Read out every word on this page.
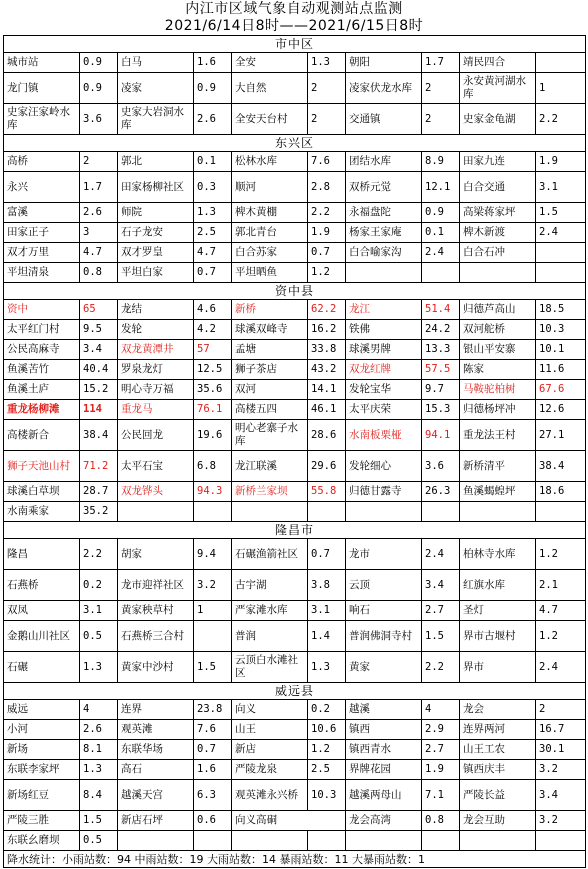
内江市区域气象自动观测站点监测
2021/6/14日8时——2021/6/15日8时
市中区									
城市站	0.9	白马	1.6	全安	1.3	朝阳	1.7	靖民四合	
龙门镇	0.9	凌家	0.9	大自然	2	凌家伏龙水库	2	永安黄河湖水库	1
史家汪家岭水库	3.6	史家大岩洞水库	2.6	全安天台村	2	交通镇	2	史家金龟湖	2.2
东兴区									
高桥	2	郭北	0.1	松林水库	7.6	团结水库	8.9	田家九连	1.9
永兴	1.7	田家杨柳社区	0.3	顺河	2.8	双桥元觉	12.1	白合交通	3.1
富溪	2.6	师院	1.3	椑木黄棚	2.2	永福盘陀	0.9	高梁蒋家坪	1.5
田家正子	3	石子龙安	2.5	郭北青台	1.9	杨家王家庵	0.1	椑木新渡	2.4
双才万里	4.7	双才罗皇	4.7	白合苏家	0.7	白合喻家沟	2.4	白合石冲	
平坦清泉	0.8	平坦白家	0.7	平坦晒鱼	1.2				
资中县									
资中	65	龙结	4.6	新桥	62.2	龙江	51.4	归德芦高山	18.5
太平红门村	9.5	发轮	4.2	球溪双峰寺	16.2	铁佛	24.2	双河舵桥	10.3
公民高麻寺	3.4	双龙黄潭井	57	孟塘	33.8	球溪男牌	13.3	银山平安寨	10.1
鱼溪苦竹	40.4	罗泉龙灯	12.5	狮子茶店	43.2	双龙红牌	57.5	陈家	11.6
鱼溪土庐	15.2	明心寺万福	35.6	双河	14.1	发轮宝华	9.7	马鞍驼柏树	67.6
重龙杨柳滩	114	重龙马	76.1	高楼五四	46.1	太平庆荣	15.3	归德杨坪冲	12.6
高楼新合	38.4	公民回龙	19.6	明心老寨子水库	28.6	水南板栗桠	94.1	重龙法王村	27.1
狮子天池山村	71.2	太平石宝	6.8	龙江联溪	29.6	发轮细心	3.6	新桥清平	38.4
球溪白草坝	28.7	双龙铧头	94.3	新桥兰家坝	55.8	归德甘露寺	26.3	鱼溪蝎蝗坪	18.6
水南乘家	35.2								
隆昌市									
隆昌	2.2	胡家	9.4	石碾渔箭社区	0.7	龙市	2.4	柏林寺水库	1.2
石燕桥	0.2	龙市迎祥社区	3.2	古宇湖	3.8	云顶	3.4	红旗水库	2.1
双凤	3.1	黄家秧草村	1	严家滩水库	3.1	响石	2.7	圣灯	4.7
金鹅山川社区	0.5	石燕桥三合村		普润	1.4	普润佛洞寺村	1.5	界市古堰村	1.2
石碾	1.3	黄家中沙村	1.5	云顶白水滩社区	1.3	黄家	2.2	界市	2.4
威远县									
威远	4	连界	23.8	向义	0.2	越溪	4	龙会	2
小河	2.6	观英滩	7.6	山王	10.6	镇西	2.9	连界两河	16.7
新场	8.1	东联华场	0.7	新店	1.2	镇西青水	2.7	山王工农	30.1
东联李家坪	1.3	高石	1.6	严陵龙泉	2.5	界牌花园	1.9	镇西庆丰	3.2
新场红豆	8.4	越溪天宫	6.3	观英滩永兴桥	10.3	越溪两母山	7.1	严陵长益	3.4
严陵三胜	1.5	新店石坪	0.6	向义高硐		龙会高湾	0.8	龙会互助	3.2
东联幺磨坝	0.5								
降水统计：小雨站数：94 中雨站数：19 大雨站数：14 暴雨站数：11 大暴雨站数：1									
